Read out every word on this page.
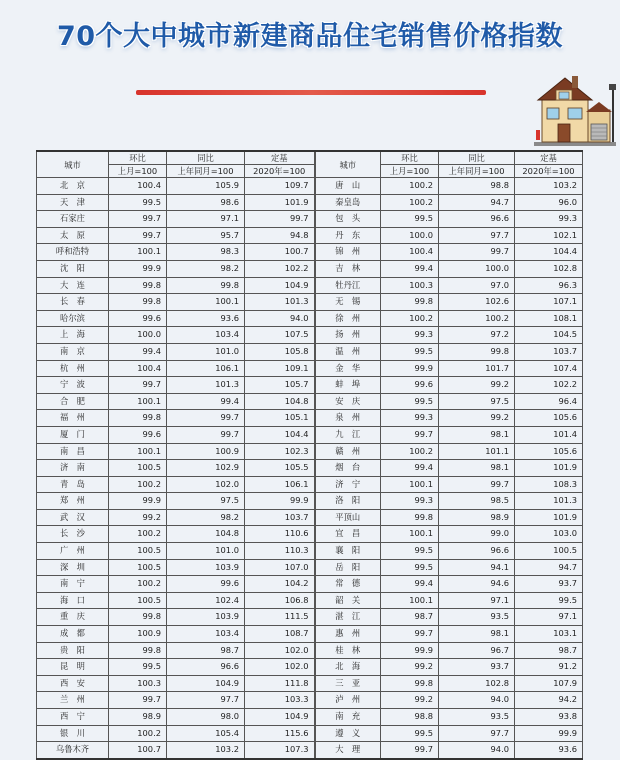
70个大中城市新建商品住宅销售价格指数
城市	环比	同比	定基	城市	环比	同比	定基
	上月=100	上年同月=100	2020年=100		上月=100	上年同月=100	2020年=100
北　京	100.4	105.9	109.7	唐　山	100.2	98.8	103.2
天　津	99.5	98.6	101.9	秦皇岛	100.2	94.7	96.0
石家庄	99.7	97.1	99.7	包　头	99.5	96.6	99.3
太　原	99.7	95.7	94.8	丹　东	100.0	97.7	102.1
呼和浩特	100.1	98.3	100.7	锦　州	100.4	99.7	104.4
沈　阳	99.9	98.2	102.2	吉　林	99.4	100.0	102.8
大　连	99.8	99.8	104.9	牡丹江	100.3	97.0	96.3
长　春	99.8	100.1	101.3	无　锡	99.8	102.6	107.1
哈尔滨	99.6	93.6	94.0	徐　州	100.2	100.2	108.1
上　海	100.0	103.4	107.5	扬　州	99.3	97.2	104.5
南　京	99.4	101.0	105.8	温　州	99.5	99.8	103.7
杭　州	100.4	106.1	109.1	金　华	99.9	101.7	107.4
宁　波	99.7	101.3	105.7	蚌　埠	99.6	99.2	102.2
合　肥	100.1	99.4	104.8	安　庆	99.5	97.5	96.4
福　州	99.8	99.7	105.1	泉　州	99.3	99.2	105.6
厦　门	99.6	99.7	104.4	九　江	99.7	98.1	101.4
南　昌	100.1	100.9	102.3	赣　州	100.2	101.1	105.6
济　南	100.5	102.9	105.5	烟　台	99.4	98.1	101.9
青　岛	100.2	102.0	106.1	济　宁	100.1	99.7	108.3
郑　州	99.9	97.5	99.9	洛　阳	99.3	98.5	101.3
武　汉	99.2	98.2	103.7	平顶山	99.8	98.9	101.9
长　沙	100.2	104.8	110.6	宜　昌	100.1	99.0	103.0
广　州	100.5	101.0	110.3	襄　阳	99.5	96.6	100.5
深　圳	100.5	103.9	107.0	岳　阳	99.5	94.1	94.7
南　宁	100.2	99.6	104.2	常　德	99.4	94.6	93.7
海　口	100.5	102.4	106.8	韶　关	100.1	97.1	99.5
重　庆	99.8	103.9	111.5	湛　江	98.7	93.5	97.1
成　都	100.9	103.4	108.7	惠　州	99.7	98.1	103.1
贵　阳	99.8	98.7	102.0	桂　林	99.9	96.7	98.7
昆　明	99.5	96.6	102.0	北　海	99.2	93.7	91.2
西　安	100.3	104.9	111.8	三　亚	99.8	102.8	107.9
兰　州	99.7	97.7	103.3	泸　州	99.2	94.0	94.2
西　宁	98.9	98.0	104.9	南　充	98.8	93.5	93.8
银　川	100.2	105.4	115.6	遵　义	99.5	97.7	99.9
乌鲁木齐	100.7	103.2	107.3	大　理	99.7	94.0	93.6
